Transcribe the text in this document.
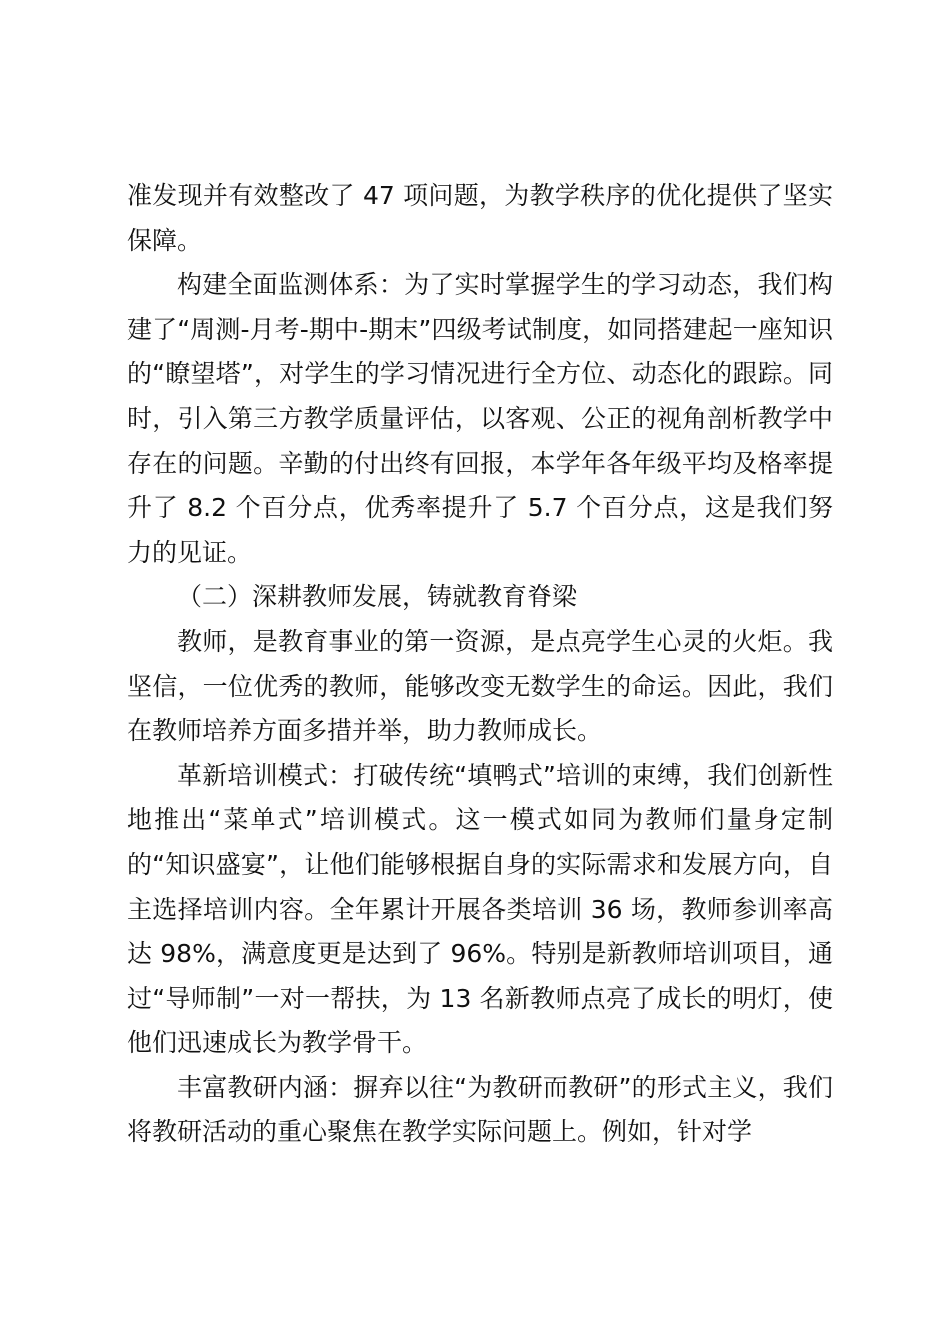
准发现并有效整改了 47 项问题，为教学秩序的优化提供了坚实保障。

构建全面监测体系：为了实时掌握学生的学习动态，我们构建了“周测-月考-期中-期末”四级考试制度，如同搭建起一座知识的“瞭望塔”，对学生的学习情况进行全方位、动态化的跟踪。同时，引入第三方教学质量评估，以客观、公正的视角剖析教学中存在的问题。辛勤的付出终有回报，本学年各年级平均及格率提升了 8.2 个百分点，优秀率提升了 5.7 个百分点，这是我们努力的见证。

（二）深耕教师发展，铸就教育脊梁

教师，是教育事业的第一资源，是点亮学生心灵的火炬。我坚信，一位优秀的教师，能够改变无数学生的命运。因此，我们在教师培养方面多措并举，助力教师成长。

革新培训模式：打破传统“填鸭式”培训的束缚，我们创新性地推出“菜单式”培训模式。这一模式如同为教师们量身定制的“知识盛宴”，让他们能够根据自身的实际需求和发展方向，自主选择培训内容。全年累计开展各类培训 36 场，教师参训率高达 98%，满意度更是达到了 96%。特别是新教师培训项目，通过“导师制”一对一帮扶，为 13 名新教师点亮了成长的明灯，使他们迅速成长为教学骨干。

丰富教研内涵：摒弃以往“为教研而教研”的形式主义，我们将教研活动的重心聚焦在教学实际问题上。例如，针对学
